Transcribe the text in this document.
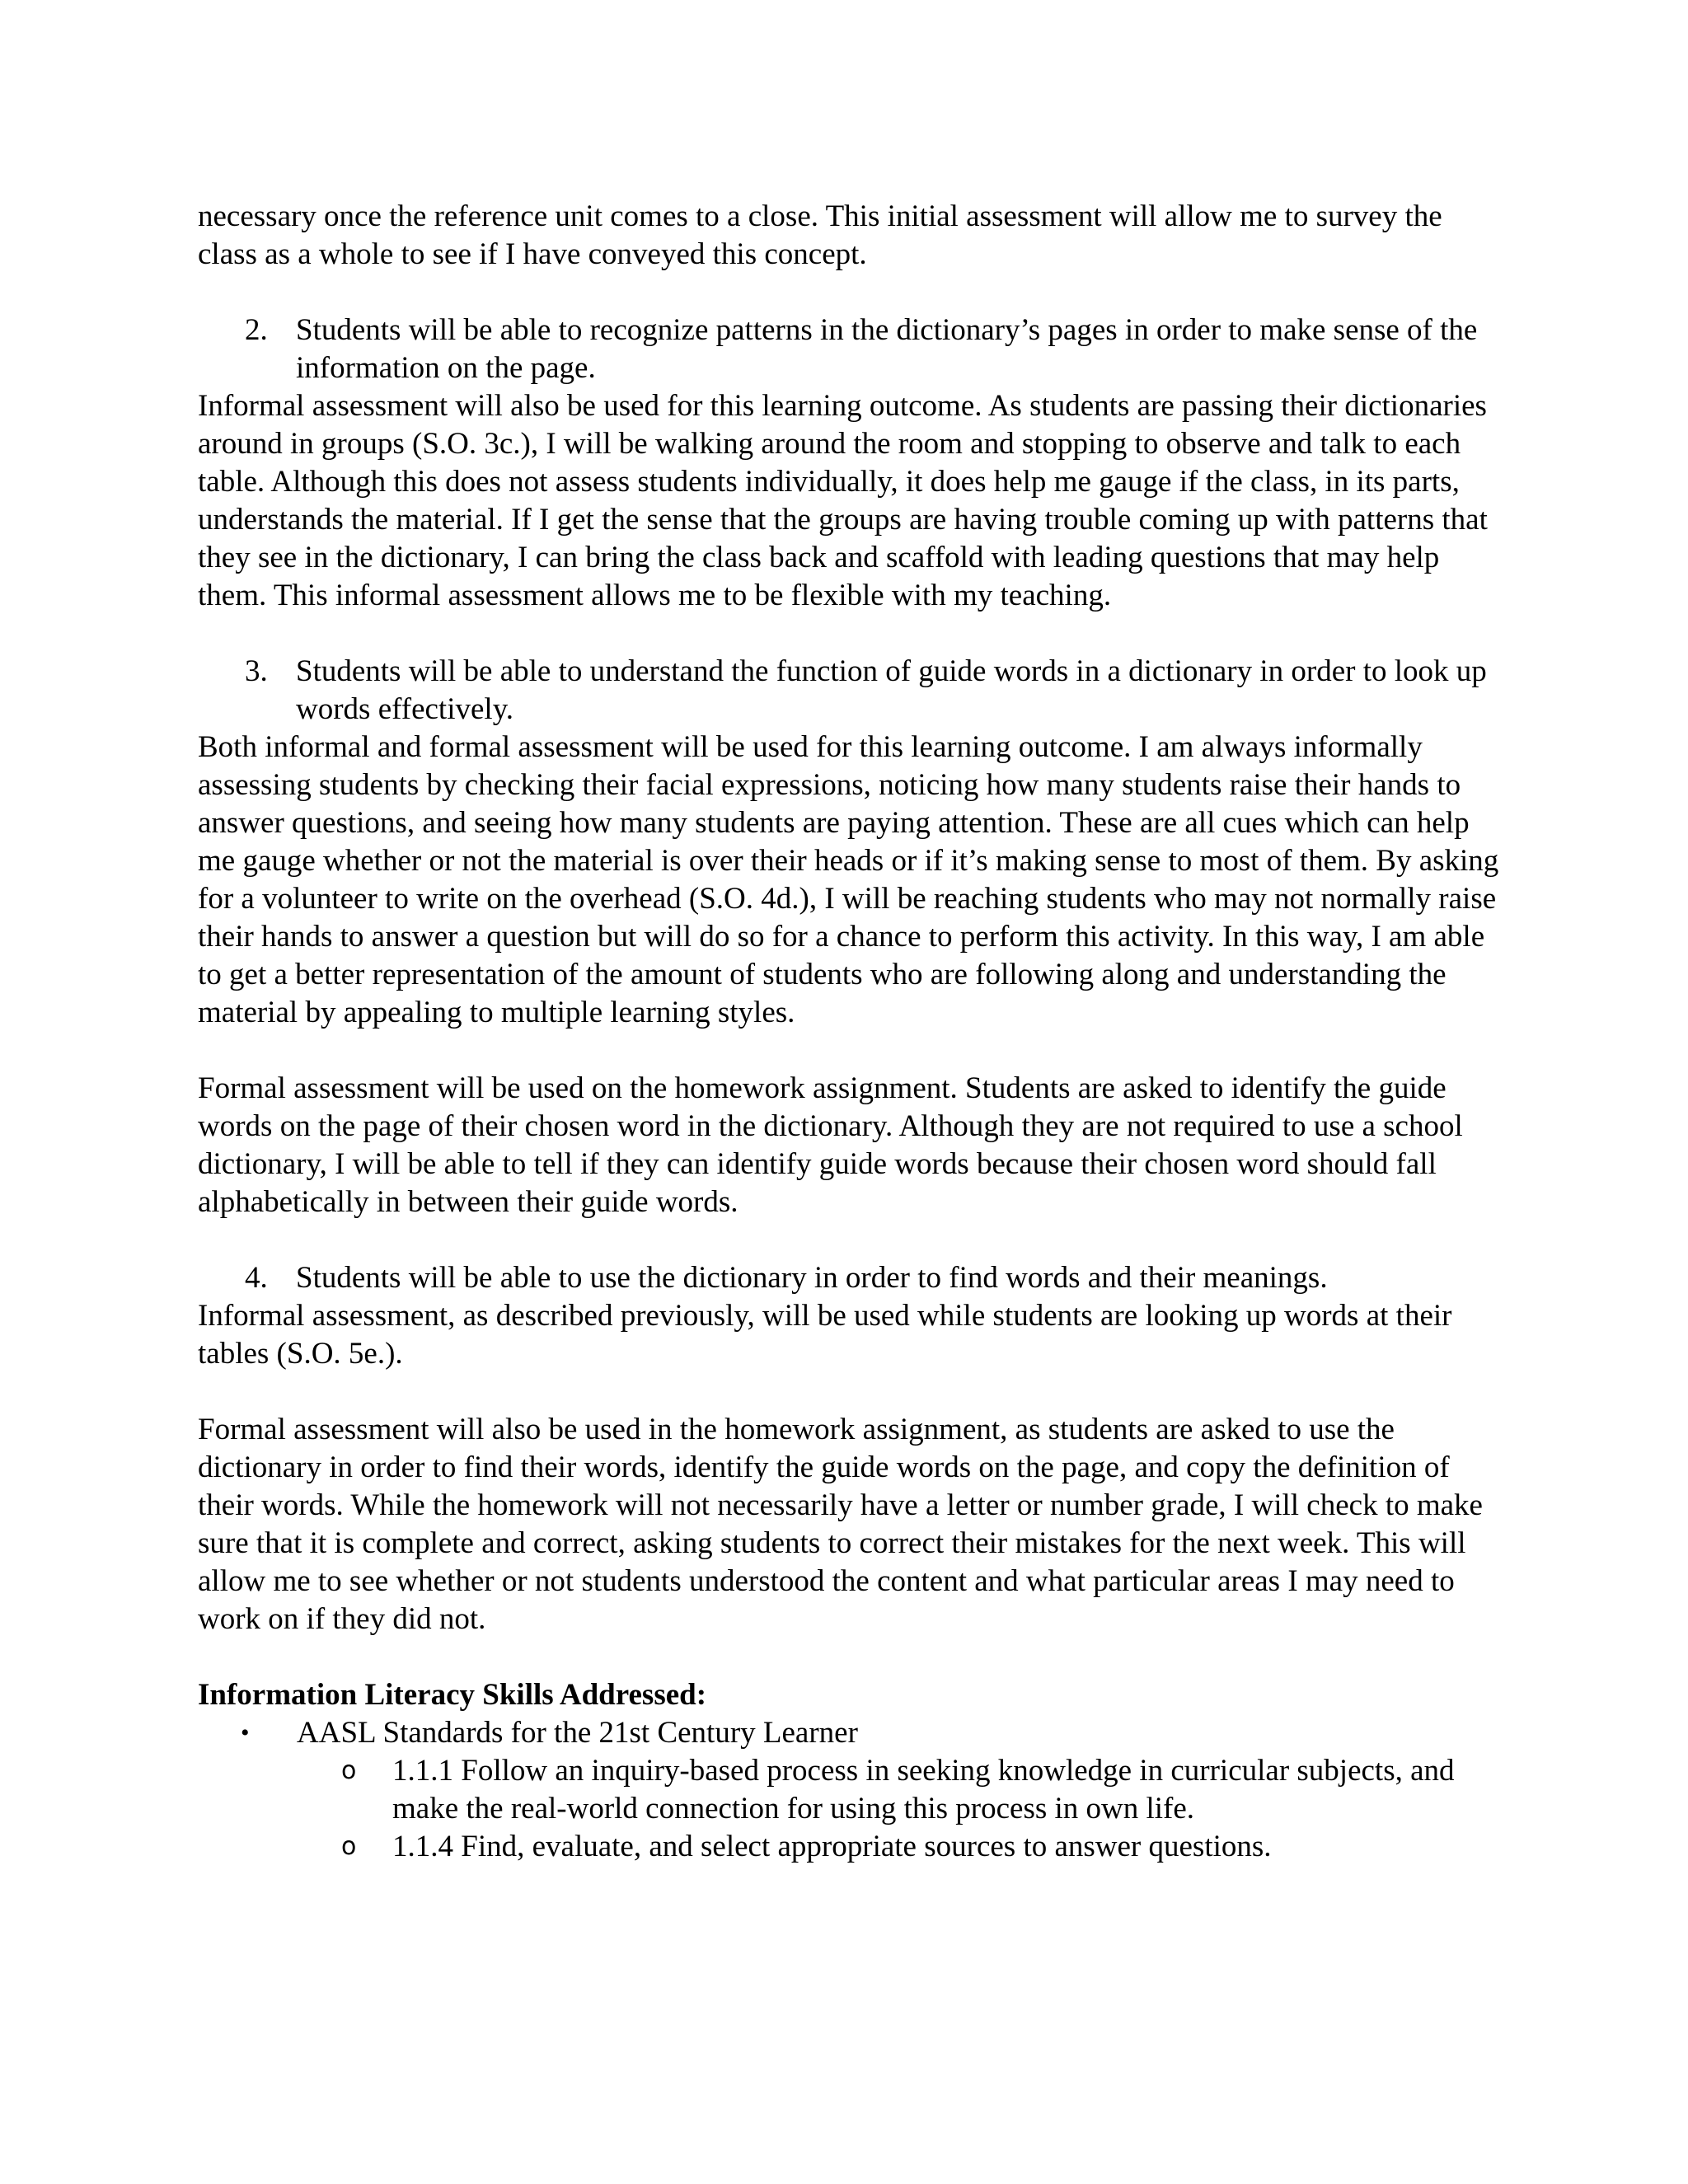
necessary once the reference unit comes to a close. This initial assessment will allow me to survey the class as a whole to see if I have conveyed this concept.

2. Students will be able to recognize patterns in the dictionary’s pages in order to make sense of the information on the page.

Informal assessment will also be used for this learning outcome. As students are passing their dictionaries around in groups (S.O. 3c.), I will be walking around the room and stopping to observe and talk to each table. Although this does not assess students individually, it does help me gauge if the class, in its parts, understands the material. If I get the sense that the groups are having trouble coming up with patterns that they see in the dictionary, I can bring the class back and scaffold with leading questions that may help them. This informal assessment allows me to be flexible with my teaching.

3. Students will be able to understand the function of guide words in a dictionary in order to look up words effectively.

Both informal and formal assessment will be used for this learning outcome. I am always informally assessing students by checking their facial expressions, noticing how many students raise their hands to answer questions, and seeing how many students are paying attention. These are all cues which can help me gauge whether or not the material is over their heads or if it’s making sense to most of them. By asking for a volunteer to write on the overhead (S.O. 4d.), I will be reaching students who may not normally raise their hands to answer a question but will do so for a chance to perform this activity. In this way, I am able to get a better representation of the amount of students who are following along and understanding the material by appealing to multiple learning styles.

Formal assessment will be used on the homework assignment. Students are asked to identify the guide words on the page of their chosen word in the dictionary. Although they are not required to use a school dictionary, I will be able to tell if they can identify guide words because their chosen word should fall alphabetically in between their guide words.

4. Students will be able to use the dictionary in order to find words and their meanings.

Informal assessment, as described previously, will be used while students are looking up words at their tables (S.O. 5e.).

Formal assessment will also be used in the homework assignment, as students are asked to use the dictionary in order to find their words, identify the guide words on the page, and copy the definition of their words. While the homework will not necessarily have a letter or number grade, I will check to make sure that it is complete and correct, asking students to correct their mistakes for the next week. This will allow me to see whether or not students understood the content and what particular areas I may need to work on if they did not.

Information Literacy Skills Addressed:

•	AASL Standards for the 21st Century Learner
o	1.1.1 Follow an inquiry-based process in seeking knowledge in curricular subjects, and make the real-world connection for using this process in own life.
o	1.1.4 Find, evaluate, and select appropriate sources to answer questions.
